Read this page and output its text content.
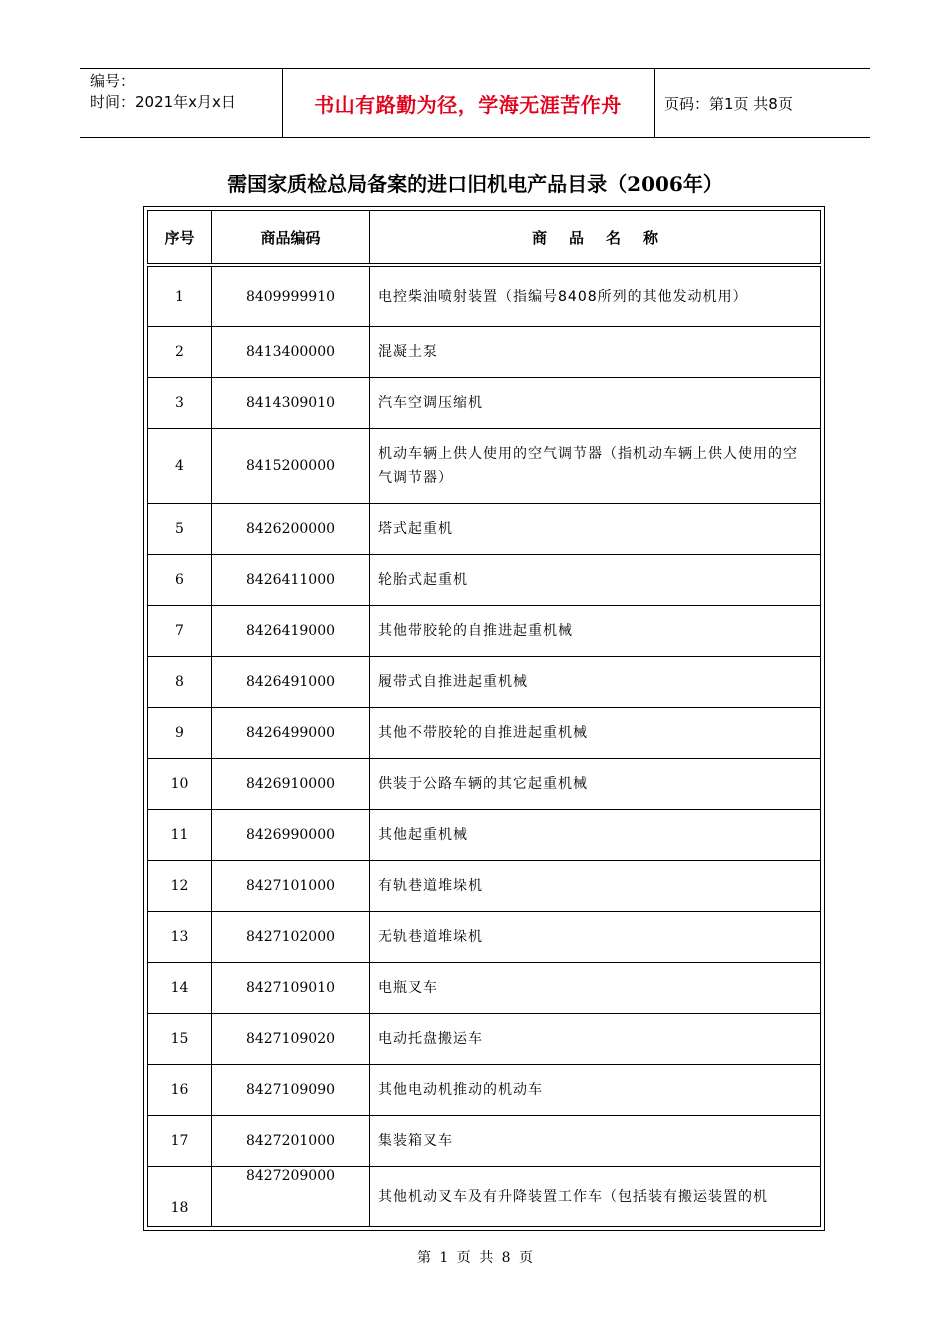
编号：
时间：2021年x月x日	书山有路勤为径，学海无涯苦作舟	页码：第1页 共8页
需国家质检总局备案的进口旧机电产品目录（2006年）
序号	商品编码	商品名称

1	8409999910	电控柴油喷射装置（指编号8408所列的其他发动机用）
2	8413400000	混凝土泵
3	8414309010	汽车空调压缩机
4	8415200000	机动车辆上供人使用的空气调节器（指机动车辆上供人使用的空气调节器）
5	8426200000	塔式起重机
6	8426411000	轮胎式起重机
7	8426419000	其他带胶轮的自推进起重机械
8	8426491000	履带式自推进起重机械
9	8426499000	其他不带胶轮的自推进起重机械
10	8426910000	供装于公路车辆的其它起重机械
11	8426990000	其他起重机械
12	8427101000	有轨巷道堆垛机
13	8427102000	无轨巷道堆垛机
14	8427109010	电瓶叉车
15	8427109020	电动托盘搬运车
16	8427109090	其他电动机推动的机动车
17	8427201000	集装箱叉车
18	8427209000	其他机动叉车及有升降装置工作车（包括装有搬运装置的机
第 1 页 共 8 页
